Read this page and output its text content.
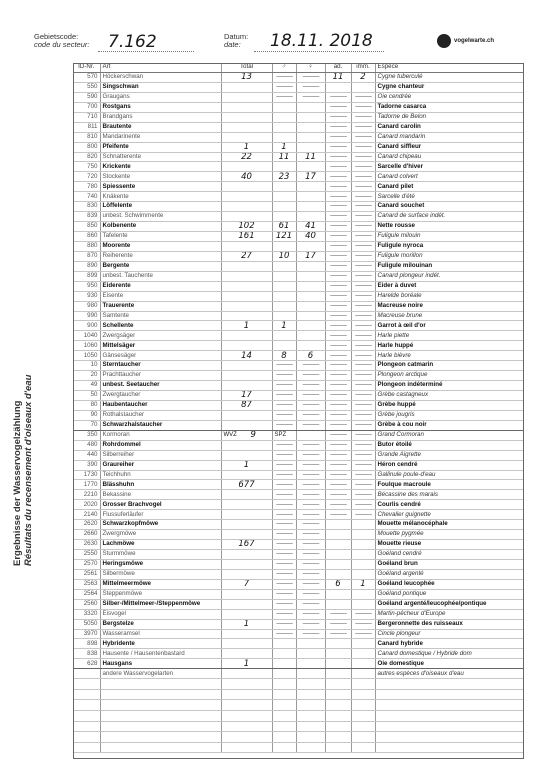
Gebietscode:
code du secteur: 7.162	Datum:
date:	18.11. 2018	vogelwarte.ch
Ergebnisse der Wasservogelzählung Résultats du recensement d'oiseaux d'eau
ID-Nr.	Art	Total	♂	♀	ad.	imm.	Espèce
570	Höckerschwan	13	———	———	11	2	Cygne tuberculé
550	Singschwan		———	———			Cygne chanteur
590	Graugans		———	———	———	———	Oie cendrée
700	Rostgans				———	———	Tadorne casarca
710	Brandgans				———	———	Tadorne de Belon
811	Brautente				———	———	Canard carolin
810	Mandarinente				———	———	Canard mandarin
800	Pfeifente	1	1		———	———	Canard siffleur
820	Schnatterente	22	11	11	———	———	Canard chipeau
750	Krickente				———	———	Sarcelle d'hiver
720	Stockente	40	23	17	———	———	Canard colvert
780	Spiessente				———	———	Canard pilet
740	Knäkente				———	———	Sarcelle d'été
830	Löffelente				———	———	Canard souchet
839	unbest. Schwimmente				———	———	Canard de surface indét.
850	Kolbenente	102	61	41	———	———	Nette rousse
860	Tafelente	161	121	40	———	———	Fuligule milouin
880	Moorente				———	———	Fuligule nyroca
870	Reiherente	27	10	17	———	———	Fuligule morillon
890	Bergente				———	———	Fuligule milouinan
899	unbest. Tauchente				———	———	Canard plongeur indét.
950	Eiderente				———	———	Eider à duvet
930	Eisente				———	———	Harelde boréale
980	Trauerente				———	———	Macreuse noire
990	Samtente				———	———	Macreuse brune
900	Schellente	1	1		———	———	Garrot à œil d'or
1040	Zwergsäger				———	———	Harle piette
1060	Mittelsäger				———	———	Harle huppé
1050	Gänsesäger	14	8	6	———	———	Harle bièvre
10	Sterntaucher		———	———	———	———	Plongeon catmarin
20	Prachttaucher		———	———	———	———	Plongeon arctique
49	unbest. Seetaucher		———	———	———	———	Plongeon indéterminé
50	Zwergtaucher	17	———	———	———	———	Grèbe castagneux
80	Haubentaucher	87	———	———	———	———	Grèbe huppé
90	Rothalstaucher		———	———	———	———	Grèbe jougris
70	Schwarzhalstaucher		———	———	———	———	Grèbe à cou noir
350	Kormoran	WVZ 9	SPZ		———	———	Grand Cormoran
480	Rohrdommel		———	———	———	———	Butor étoilé
440	Silberreiher		———	———	———	———	Grande Aigrette
390	Graureiher	1	———	———	———	———	Héron cendré
1730	Teichhuhn		———	———	———	———	Gallinule poule-d'eau
1770	Blässhuhn	677	———	———	———	———	Foulque macroule
2210	Bekassine		———	———	———	———	Bécassine des marais
2020	Grosser Brachvogel		———	———	———	———	Courlis cendré
2140	Flussuferläufer		———	———	———	———	Chevalier guignette
2620	Schwarzkopfmöwe		———	———			Mouette mélanocéphale
2660	Zwergmöwe		———	———			Mouette pygmée
2630	Lachmöwe	167	———	———			Mouette rieuse
2550	Sturmmöwe		———	———			Goéland cendré
2570	Heringsmöwe		———	———			Goéland brun
2561	Silbermöwe		———	———			Goéland argenté
2563	Mittelmeermöwe	7	———	———	6	1	Goéland leucophée
2564	Steppenmöwe		———	———			Goéland pontique
2560	Silber-/Mittelmeer-/Steppenmöwe		———	———			Goéland argenté/leucophée/pontique
3320	Eisvogel		———	———	———	———	Martin-pêcheur d'Europe
5050	Bergstelze	1	———	———	———	———	Bergeronnette des ruisseaux
3970	Wasseramsel		———	———	———	———	Cincle plongeur
898	Hybridente						Canard hybride
838	Hausente / Hausentenbastard						Canard domestique / Hybride dom
628	Hausgans	1					Oie domestique
	andere Wasservogelarten						autres espèces d'oiseaux d'eau
